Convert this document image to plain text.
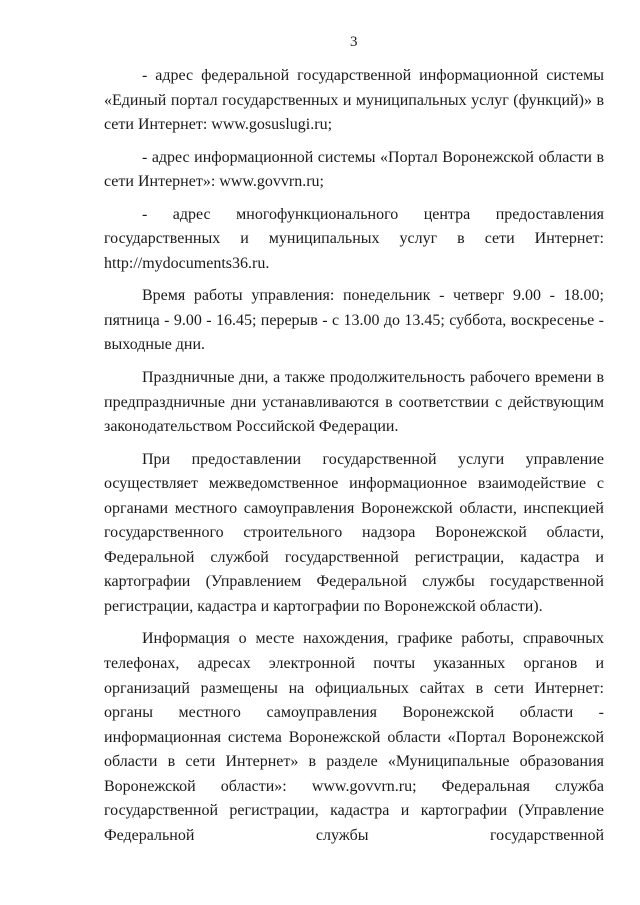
3

- адрес федеральной государственной информационной системы «Единый портал государственных и муниципальных услуг (функций)» в сети Интернет: www.gosuslugi.ru;

- адрес информационной системы «Портал Воронежской области в сети Интернет»: www.govvrn.ru;

- адрес многофункционального центра предоставления государственных и муниципальных услуг в сети Интернет: http://mydocuments36.ru.

Время работы управления: понедельник - четверг 9.00 - 18.00; пятница - 9.00 - 16.45; перерыв - с 13.00 до 13.45; суббота, воскресенье - выходные дни.

Праздничные дни, а также продолжительность рабочего времени в предпраздничные дни устанавливаются в соответствии с действующим законодательством Российской Федерации.

При предоставлении государственной услуги управление осуществляет межведомственное информационное взаимодействие с органами местного самоуправления Воронежской области, инспекцией государственного строительного надзора Воронежской области, Федеральной службой государственной регистрации, кадастра и картографии (Управлением Федеральной службы государственной регистрации, кадастра и картографии по Воронежской области).

Информация о месте нахождения, графике работы, справочных телефонах, адресах электронной почты указанных органов и организаций размещены на официальных сайтах в сети Интернет: органы местного самоуправления Воронежской области - информационная система Воронежской области «Портал Воронежской области в сети Интернет» в разделе «Муниципальные образования Воронежской области»: www.govvrn.ru; Федеральная служба государственной регистрации, кадастра и картографии (Управление Федеральной службы государственной
